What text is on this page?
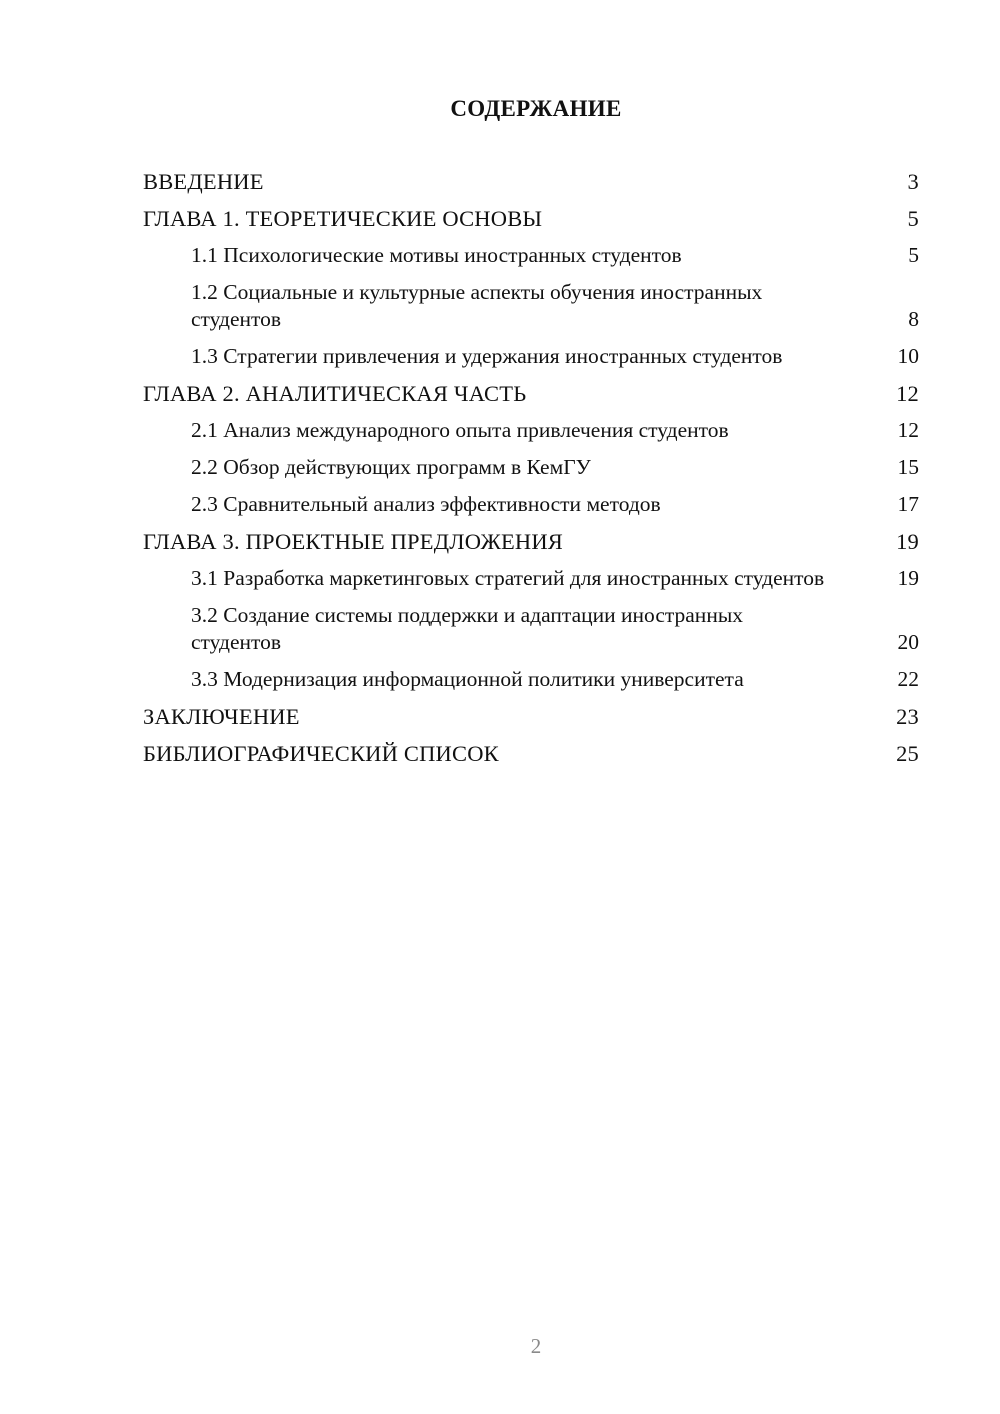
СОДЕРЖАНИЕ
ВВЕДЕНИЕ	3
ГЛАВА 1. ТЕОРЕТИЧЕСКИЕ ОСНОВЫ	5
1.1 Психологические мотивы иностранных студентов	5
1.2 Социальные и культурные аспекты обучения иностранных студентов	8
1.3 Стратегии привлечения и удержания иностранных студентов	10
ГЛАВА 2. АНАЛИТИЧЕСКАЯ ЧАСТЬ	12
2.1 Анализ международного опыта привлечения студентов	12
2.2 Обзор действующих программ в КемГУ	15
2.3 Сравнительный анализ эффективности методов	17
ГЛАВА 3. ПРОЕКТНЫЕ ПРЕДЛОЖЕНИЯ	19
3.1 Разработка маркетинговых стратегий для иностранных студентов	19
3.2 Создание системы поддержки и адаптации иностранных студентов	20
3.3 Модернизация информационной политики университета	22
ЗАКЛЮЧЕНИЕ	23
БИБЛИОГРАФИЧЕСКИЙ СПИСОК	25
2
